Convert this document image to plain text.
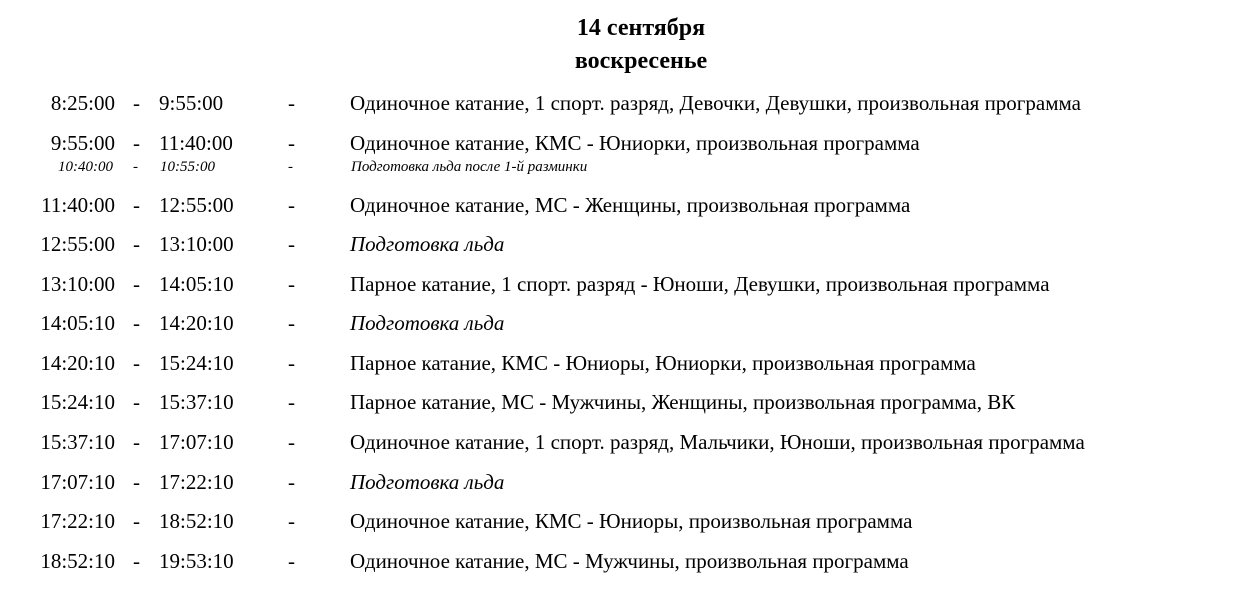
14 сентября
воскресенье
8:25:00 - 9:55:00	-	Одиночное катание, 1 спорт. разряд, Девочки, Девушки, произвольная программа
9:55:00 - 11:40:00	-	Одиночное катание, КМС - Юниорки, произвольная программа
10:40:00 - 10:55:00	-	Подготовка льда после 1-й разминки
11:40:00 - 12:55:00	-	Одиночное катание, МС - Женщины, произвольная программа
12:55:00 - 13:10:00	-	Подготовка льда
13:10:00 - 14:05:10	-	Парное катание, 1 спорт. разряд - Юноши, Девушки, произвольная программа
14:05:10 - 14:20:10	-	Подготовка льда
14:20:10 - 15:24:10	-	Парное катание, КМС - Юниоры, Юниорки, произвольная программа
15:24:10 - 15:37:10	-	Парное катание, МС - Мужчины, Женщины, произвольная программа, ВК
15:37:10 - 17:07:10	-	Одиночное катание, 1 спорт. разряд, Мальчики, Юноши, произвольная программа
17:07:10 - 17:22:10	-	Подготовка льда
17:22:10 - 18:52:10	-	Одиночное катание, КМС - Юниоры, произвольная программа
18:52:10 - 19:53:10	-	Одиночное катание, МС - Мужчины, произвольная программа
